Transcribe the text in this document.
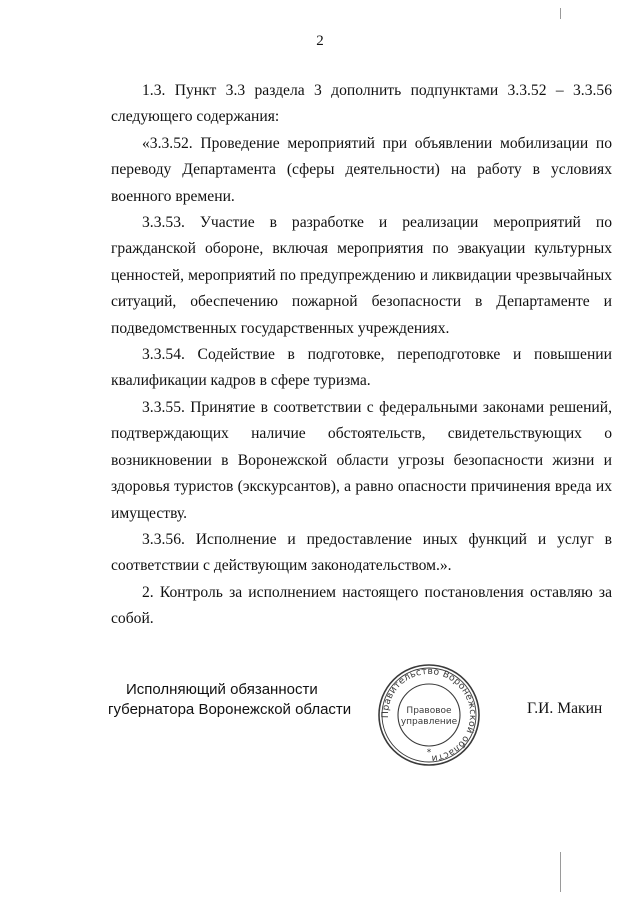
2

1.3. Пункт 3.3 раздела 3 дополнить подпунктами 3.3.52 – 3.3.56 следующего содержания:

«3.3.52. Проведение мероприятий при объявлении мобилизации по переводу Департамента (сферы деятельности) на работу в условиях военного времени.

3.3.53. Участие в разработке и реализации мероприятий по гражданской обороне, включая мероприятия по эвакуации культурных ценностей, мероприятий по предупреждению и ликвидации чрезвычайных ситуаций, обеспечению пожарной безопасности в Департаменте и подведомственных государственных учреждениях.

3.3.54. Содействие в подготовке, переподготовке и повышении квалификации кадров в сфере туризма.

3.3.55. Принятие в соответствии с федеральными законами решений, подтверждающих наличие обстоятельств, свидетельствующих о возникновении в Воронежской области угрозы безопасности жизни и здоровья туристов (экскурсантов), а равно опасности причинения вреда их имуществу.

3.3.56. Исполнение и предоставление иных функций и услуг в соответствии с действующим законодательством.».

2. Контроль за исполнением настоящего постановления оставляю за собой.

Исполняющий обязанности
губернатора Воронежской области	Правительство Воронежской области
Правовое
управление
*
Г.И. Макин
